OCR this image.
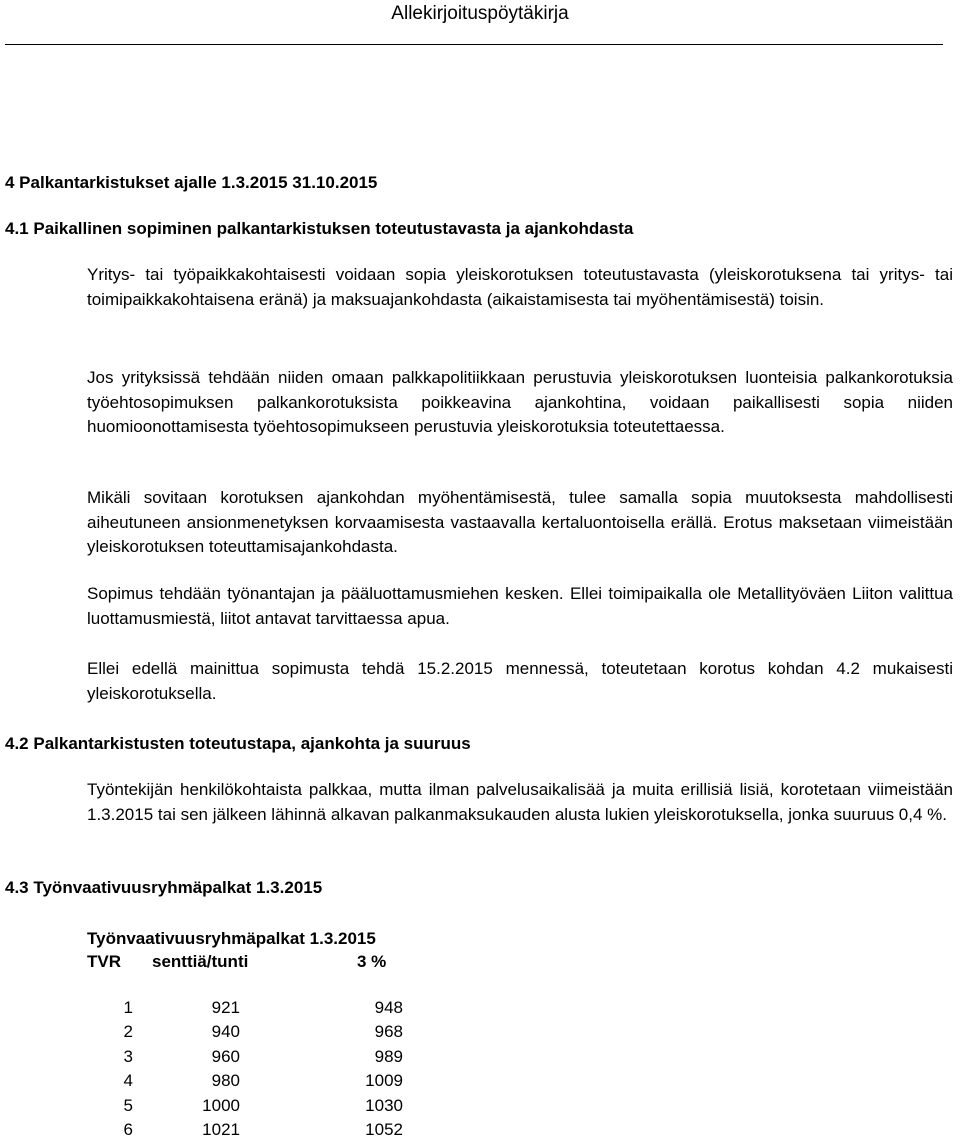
Allekirjoituspöytäkirja
4 Palkantarkistukset ajalle 1.3.2015 31.10.2015
4.1 Paikallinen sopiminen palkantarkistuksen toteutustavasta ja ajankohdasta
Yritys- tai työpaikkakohtaisesti voidaan sopia yleiskorotuksen toteutustavasta (yleiskorotuksena tai yritys- tai toimipaikkakohtaisena eränä) ja maksuajankohdasta (aikaistamisesta tai myöhentämisestä) toisin.
Jos yrityksissä tehdään niiden omaan palkkapolitiikkaan perustuvia yleiskorotuksen luonteisia palkankorotuksia työehtosopimuksen palkankorotuksista poikkeavina ajankohtina, voidaan paikallisesti sopia niiden huomioonottamisesta työehtosopimukseen perustuvia yleiskorotuksia toteutettaessa.
Mikäli sovitaan korotuksen ajankohdan myöhentämisestä, tulee samalla sopia muutoksesta mahdollisesti aiheutuneen ansionmenetyksen korvaamisesta vastaavalla kertaluontoisella erällä. Erotus maksetaan viimeistään yleiskorotuksen toteuttamisajankohdasta.
Sopimus tehdään työnantajan ja pääluottamusmiehen kesken. Ellei toimipaikalla ole Metallityöväen Liiton valittua luottamusmiestä, liitot antavat tarvittaessa apua.
Ellei edellä mainittua sopimusta tehdä 15.2.2015 mennessä, toteutetaan korotus kohdan 4.2 mukaisesti yleiskorotuksella.
4.2 Palkantarkistusten toteutustapa, ajankohta ja suuruus
Työntekijän henkilökohtaista palkkaa, mutta ilman palvelusaikalisää ja muita erillisiä lisiä, korotetaan viimeistään 1.3.2015 tai sen jälkeen lähinnä alkavan palkanmaksukauden alusta lukien yleiskorotuksella, jonka suuruus 0,4 %.
4.3 Työnvaativuusryhmäpalkat 1.3.2015
Työnvaativuusryhmäpalkat 1.3.2015
TVR senttiä/tunti	3 %
1	921	948
2	940	968
3	960	989
4	980	1009
5	1000	1030
6	1021	1052
